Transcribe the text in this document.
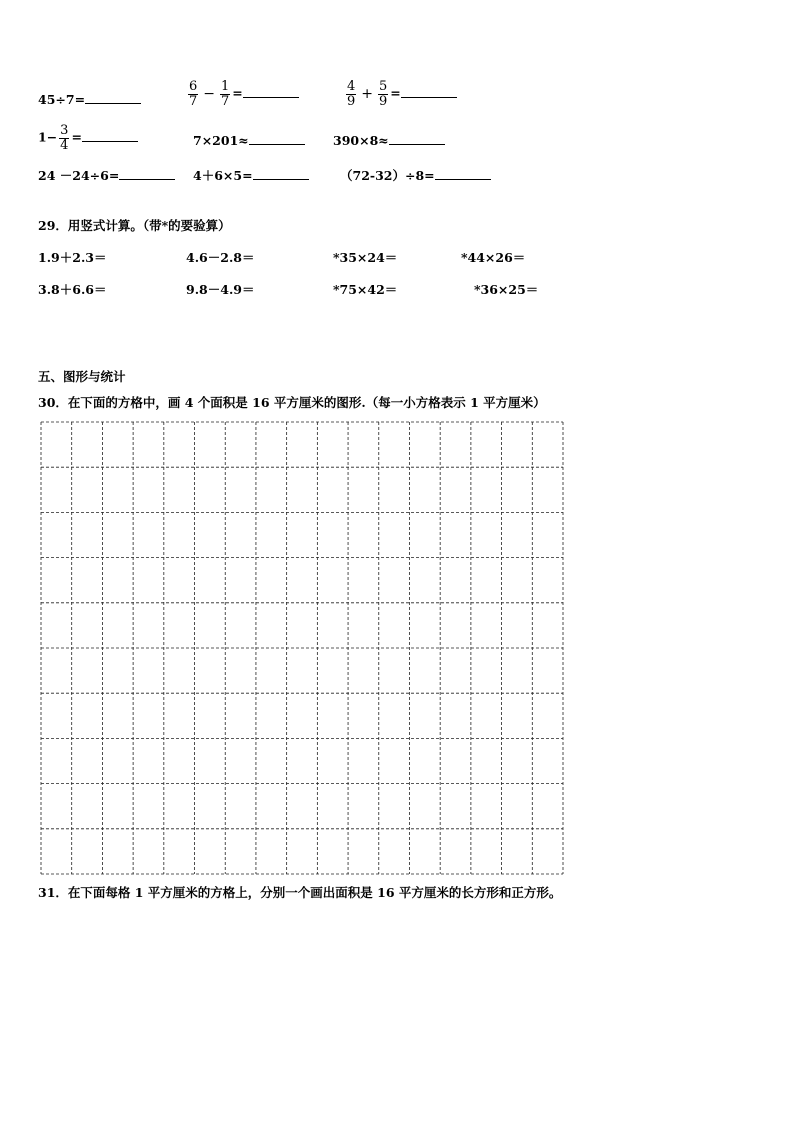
45÷7=	$\frac{6}{7} - \frac{1}{7}$ =	$\frac{4}{9} + \frac{5}{9}$ =
$1- \frac{3}{4}$ =	7×201≈	390×8≈
24 －24÷6=	4＋6×5=	（72-32）÷8=
29．用竖式计算。（带*的要验算）
1.9＋2.3＝	4.6－2.8＝	*35×24＝	*44×26＝
3.8＋6.6＝	9.8－4.9＝	*75×42＝	*36×25＝
五、图形与统计
30．在下面的方格中，画 4 个面积是 16 平方厘米的图形.（每一小方格表示 1 平方厘米）
31．在下面每格 1 平方厘米的方格上，分别一个画出面积是 16 平方厘米的长方形和正方形。
